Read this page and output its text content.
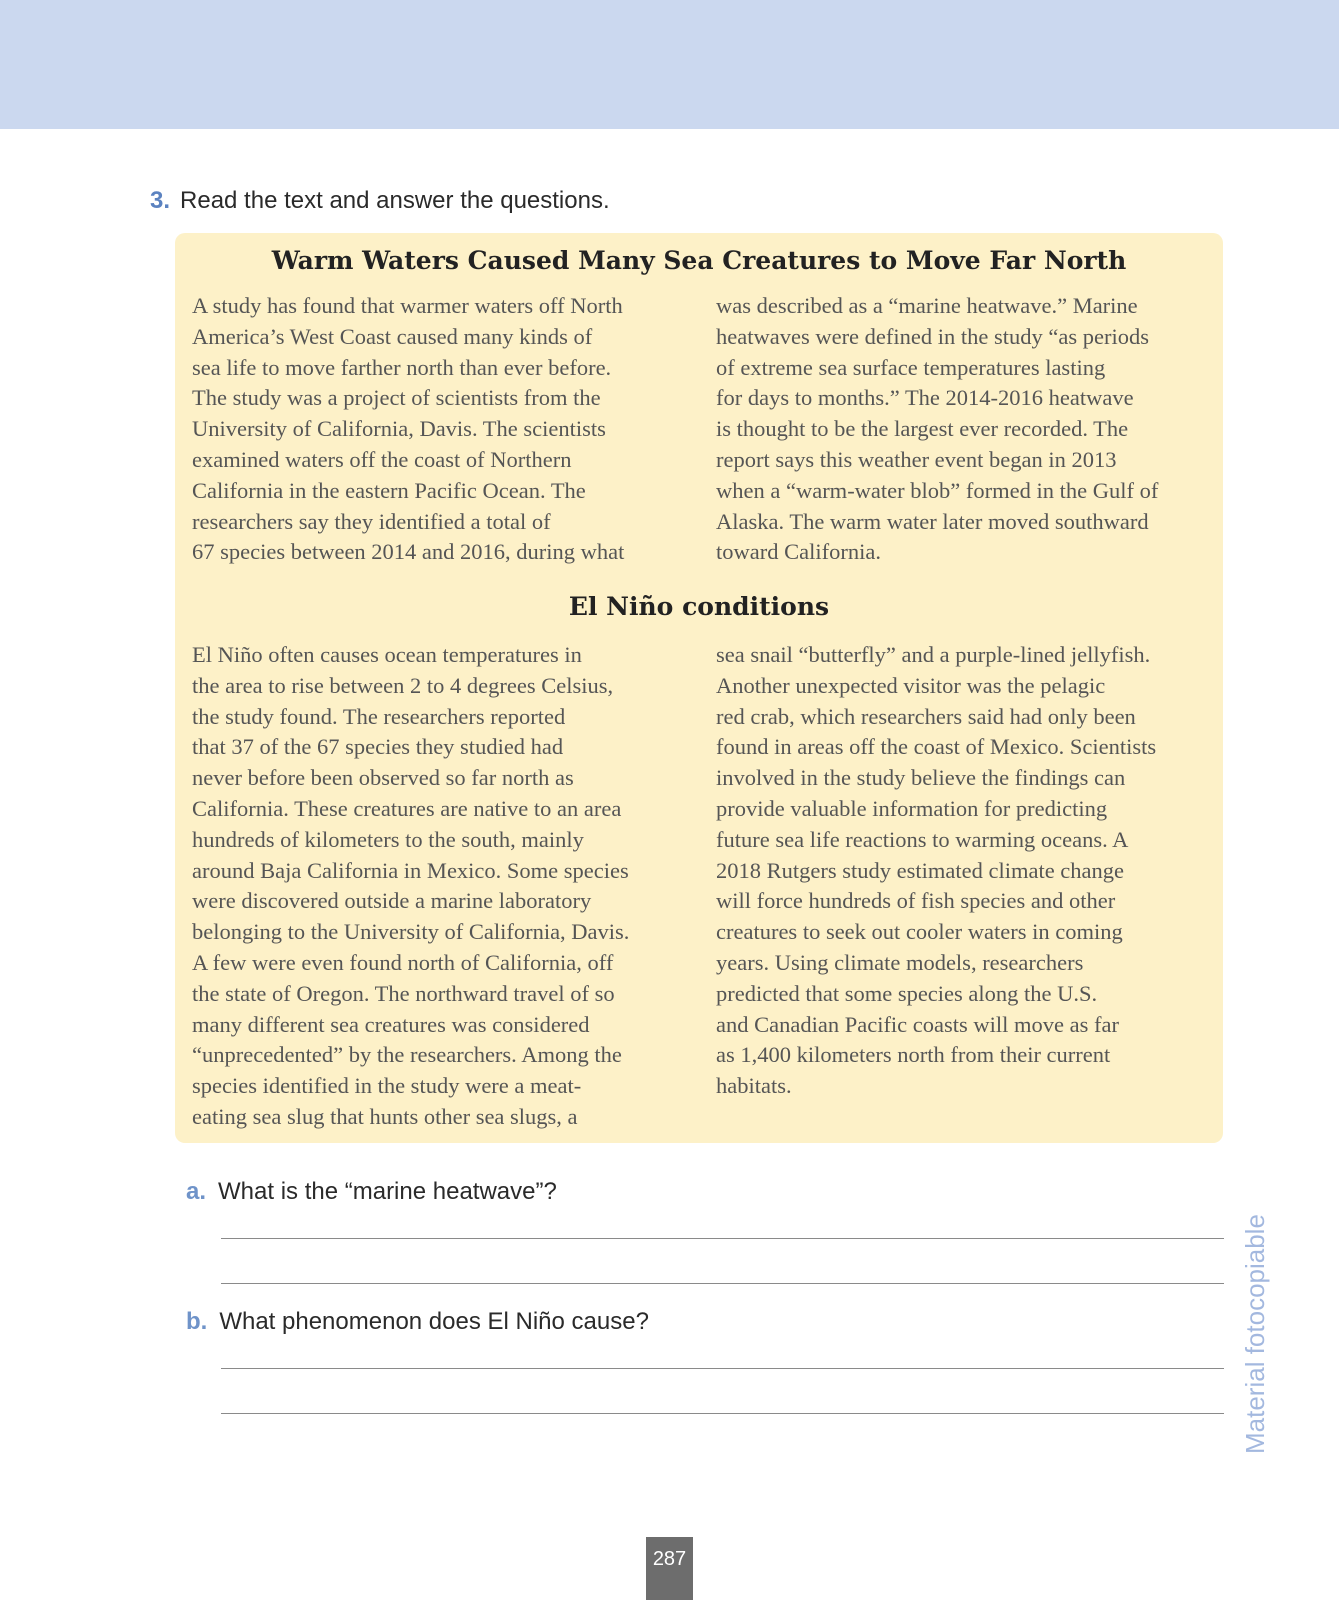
3. Read the text and answer the questions.
Warm Waters Caused Many Sea Creatures to Move Far North
A study has found that warmer waters off North
America’s West Coast caused many kinds of
sea life to move farther north than ever before.
The study was a project of scientists from the
University of California, Davis. The scientists
examined waters off the coast of Northern
California in the eastern Pacific Ocean. The
researchers say they identified a total of
67 species between 2014 and 2016, during what
was described as a “marine heatwave.” Marine
heatwaves were defined in the study “as periods
of extreme sea surface temperatures lasting
for days to months.” The 2014-2016 heatwave
is thought to be the largest ever recorded. The
report says this weather event began in 2013
when a “warm-water blob” formed in the Gulf of
Alaska. The warm water later moved southward
toward California.
El Niño conditions
El Niño often causes ocean temperatures in
the area to rise between 2 to 4 degrees Celsius,
the study found. The researchers reported
that 37 of the 67 species they studied had
never before been observed so far north as
California. These creatures are native to an area
hundreds of kilometers to the south, mainly
around Baja California in Mexico. Some species
were discovered outside a marine laboratory
belonging to the University of California, Davis.
A few were even found north of California, off
the state of Oregon. The northward travel of so
many different sea creatures was considered
“unprecedented” by the researchers. Among the
species identified in the study were a meat-
eating sea slug that hunts other sea slugs, a
sea snail “butterfly” and a purple-lined jellyfish.
Another unexpected visitor was the pelagic
red crab, which researchers said had only been
found in areas off the coast of Mexico. Scientists
involved in the study believe the findings can
provide valuable information for predicting
future sea life reactions to warming oceans. A
2018 Rutgers study estimated climate change
will force hundreds of fish species and other
creatures to seek out cooler waters in coming
years. Using climate models, researchers
predicted that some species along the U.S.
and Canadian Pacific coasts will move as far
as 1,400 kilometers north from their current
habitats.
a. What is the “marine heatwave”?
b. What phenomenon does El Niño cause?	Material fotocopiable
287
